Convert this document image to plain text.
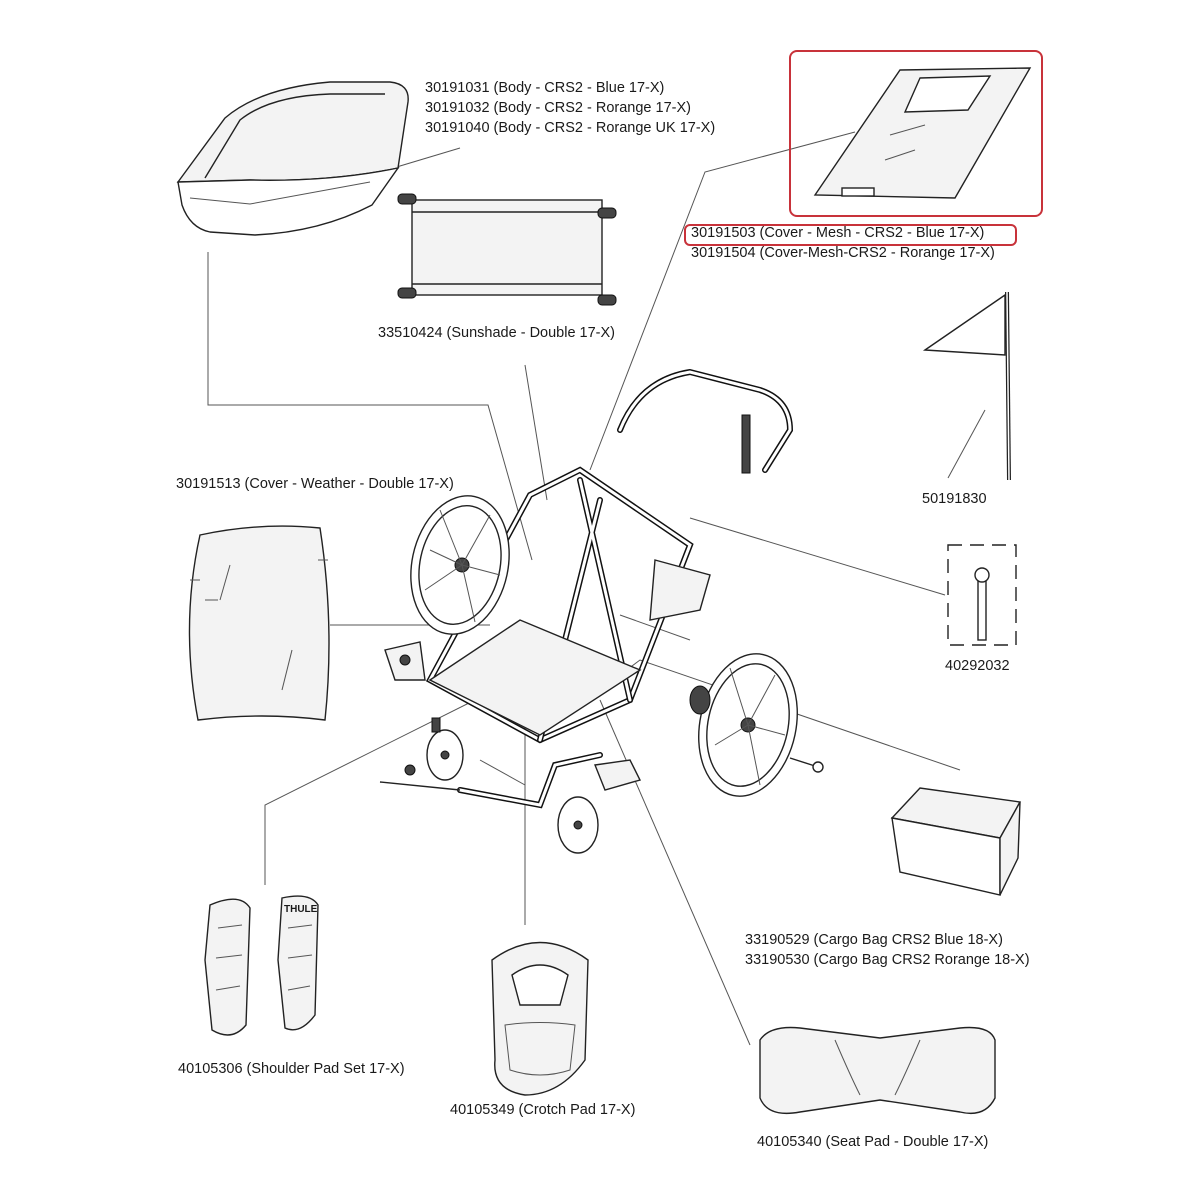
30191031 (Body - CRS2 - Blue 17-X)
30191032 (Body - CRS2 - Rorange 17-X)
30191040 (Body - CRS2 - Rorange UK 17-X)
30191503 (Cover - Mesh - CRS2 - Blue 17-X)
30191504 (Cover-Mesh-CRS2 - Rorange 17-X)
33510424 (Sunshade - Double 17-X)
50191830
30191513 (Cover - Weather - Double 17-X)
40292032
33190529 (Cargo Bag CRS2 Blue 18-X)
33190530 (Cargo Bag CRS2 Rorange 18-X)
40105306 (Shoulder Pad Set 17-X)
THULE
40105349 (Crotch Pad 17-X)
40105340 (Seat Pad - Double 17-X)
